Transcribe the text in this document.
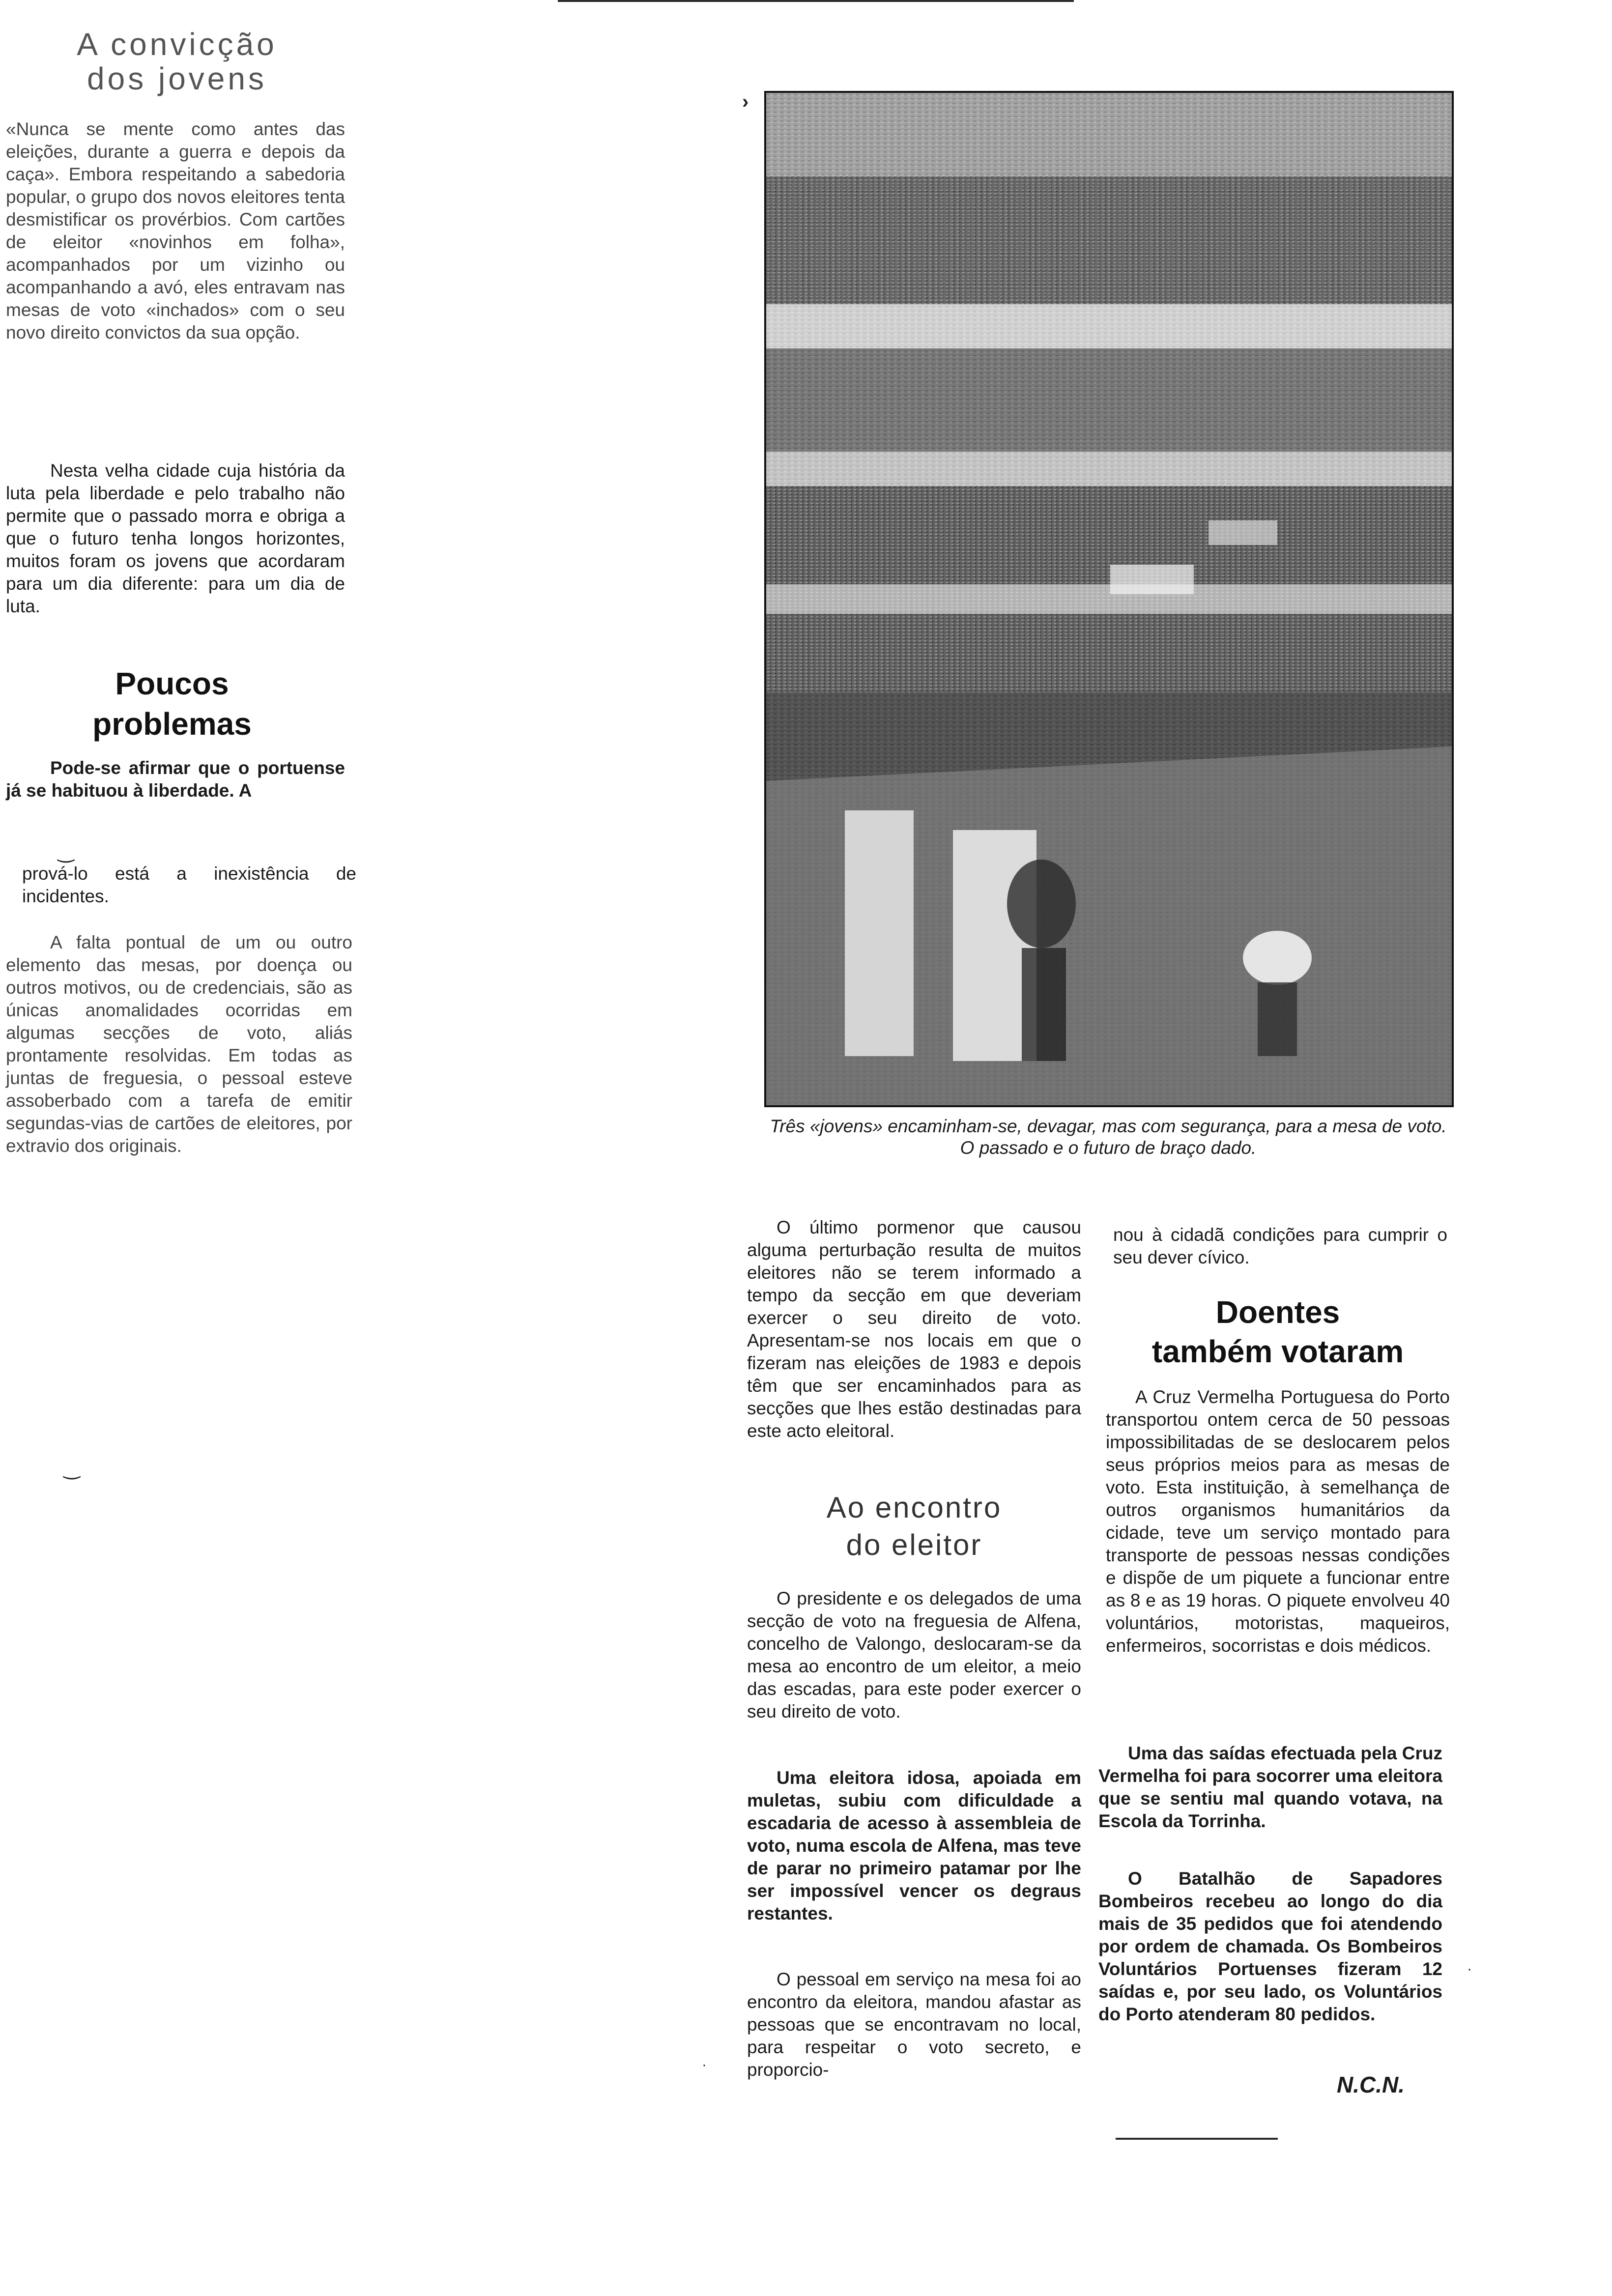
A convicção
dos jovens

«Nunca se mente como antes das eleições, durante a guerra e depois da caça». Embora respeitando a sabedoria popular, o grupo dos novos eleitores tenta desmistificar os provérbios. Com cartões de eleitor «novinhos em folha», acompanhados por um vizinho ou acompanhando a avó, eles entravam nas mesas de voto «inchados» com o seu novo direito convictos da sua opção.

Nesta velha cidade cuja história da luta pela liberdade e pelo trabalho não permite que o passado morra e obriga a que o futuro tenha longos horizontes, muitos foram os jovens que acordaram para um dia diferente: para um dia de luta.

Poucos
problemas

Pode-se afirmar que o portuense já se habituou à liberdade. A

‿

prová-lo está a inexistência de incidentes.

A falta pontual de um ou outro elemento das mesas, por doença ou outros motivos, ou de credenciais, são as únicas anomalidades ocorridas em algumas secções de voto, aliás prontamente resolvidas. Em todas as juntas de freguesia, o pessoal esteve assoberbado com a tarefa de emitir segundas-vias de cartões de eleitores, por extravio dos originais.

‿
›
Três «jovens» encaminham-se, devagar, mas com segurança, para a mesa de voto. O passado e o futuro de braço dado.

O último pormenor que causou alguma perturbação resulta de muitos eleitores não se terem informado a tempo da secção em que deveriam exercer o seu direito de voto. Apresentam-se nos locais em que o fizeram nas eleições de 1983 e depois têm que ser encaminhados para as secções que lhes estão destinadas para este acto eleitoral.

Ao encontro
do eleitor

O presidente e os delegados de uma secção de voto na freguesia de Alfena, concelho de Valongo, deslocaram-se da mesa ao encontro de um eleitor, a meio das escadas, para este poder exercer o seu direito de voto.

Uma eleitora idosa, apoiada em muletas, subiu com dificuldade a escadaria de acesso à assembleia de voto, numa escola de Alfena, mas teve de parar no primeiro patamar por lhe ser impossível vencer os degraus restantes.

O pessoal em serviço na mesa foi ao encontro da eleitora, mandou afastar as pessoas que se encontravam no local, para respeitar o voto secreto, e proporcio-

nou à cidadã condições para cumprir o seu dever cívico.

Doentes
também votaram

A Cruz Vermelha Portuguesa do Porto transportou ontem cerca de 50 pessoas impossibilitadas de se deslocarem pelos seus próprios meios para as mesas de voto. Esta instituição, à semelhança de outros organismos humanitários da cidade, teve um serviço montado para transporte de pessoas nessas condições e dispõe de um piquete a funcionar entre as 8 e as 19 horas. O piquete envolveu 40 voluntários, motoristas, maqueiros, enfermeiros, socorristas e dois médicos.

Uma das saídas efectuada pela Cruz Vermelha foi para socorrer uma eleitora que se sentiu mal quando votava, na Escola da Torrinha.

O Batalhão de Sapadores Bombeiros recebeu ao longo do dia mais de 35 pedidos que foi atendendo por ordem de chamada. Os Bombeiros Voluntários Portuenses fizeram 12 saídas e, por seu lado, os Voluntários do Porto atenderam 80 pedidos.

N.C.N.
·
·
